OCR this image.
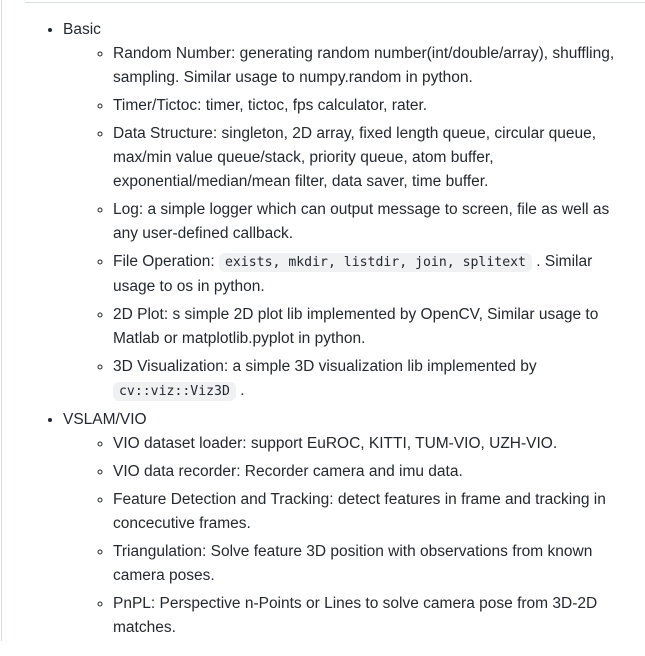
• Basic
◦ Random Number: generating random number(int/double/array), shuffling, sampling. Similar usage to numpy.random in python.
◦ Timer/Tictoc: timer, tictoc, fps calculator, rater.
◦ Data Structure: singleton, 2D array, fixed length queue, circular queue, max/min value queue/stack, priority queue, atom buffer, exponential/median/mean filter, data saver, time buffer.
◦ Log: a simple logger which can output message to screen, file as well as any user-defined callback.
◦ File Operation: exists, mkdir, listdir, join, splitext . Similar usage to os in python.
◦ 2D Plot: s simple 2D plot lib implemented by OpenCV, Similar usage to Matlab or matplotlib.pyplot in python.
◦ 3D Visualization: a simple 3D visualization lib implemented by cv::viz::Viz3D .
• VSLAM/VIO
◦ VIO dataset loader: support EuROC, KITTI, TUM-VIO, UZH-VIO.
◦ VIO data recorder: Recorder camera and imu data.
◦ Feature Detection and Tracking: detect features in frame and tracking in concecutive frames.
◦ Triangulation: Solve feature 3D position with observations from known camera poses.
◦ PnPL: Perspective n-Points or Lines to solve camera pose from 3D-2D matches.
